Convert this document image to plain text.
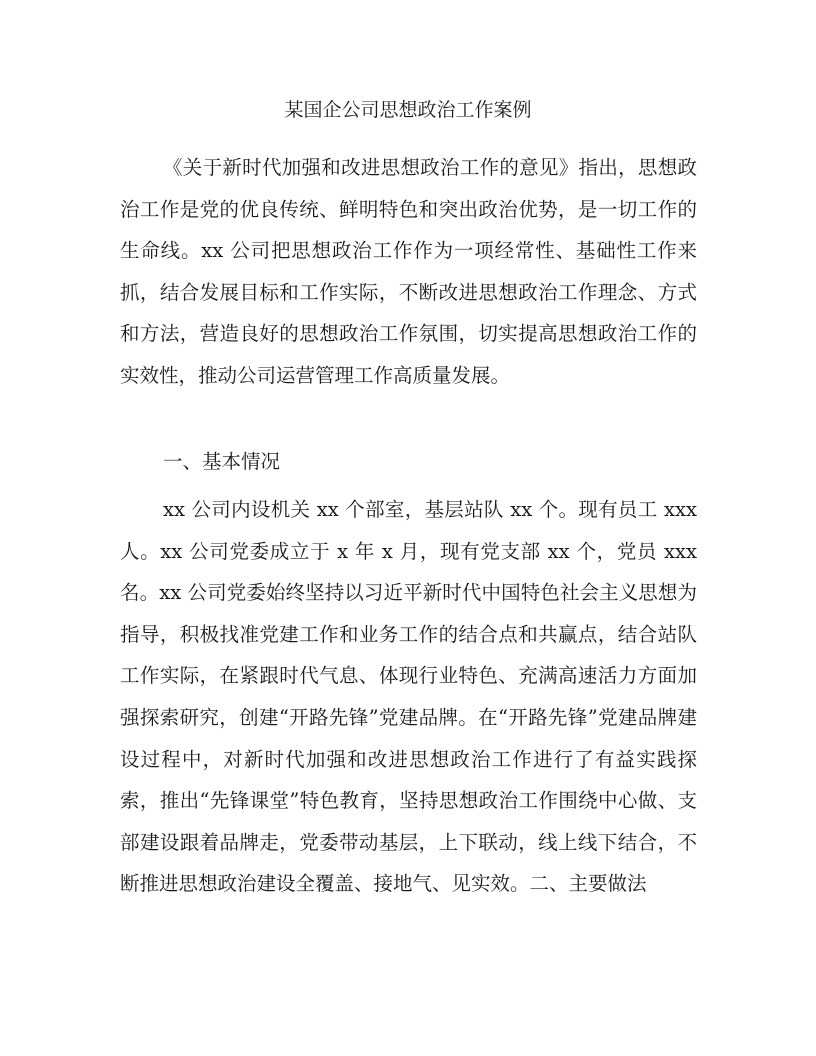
某国企公司思想政治工作案例

《关于新时代加强和改进思想政治工作的意见》指出，思想政治工作是党的优良传统、鲜明特色和突出政治优势，是一切工作的生命线。xx 公司把思想政治工作作为一项经常性、基础性工作来抓，结合发展目标和工作实际，不断改进思想政治工作理念、方式和方法，营造良好的思想政治工作氛围，切实提高思想政治工作的实效性，推动公司运营管理工作高质量发展。

一、基本情况

xx 公司内设机关 xx 个部室，基层站队 xx 个。现有员工 xxx 人。xx 公司党委成立于 x 年 x 月，现有党支部 xx 个，党员 xxx 名。xx 公司党委始终坚持以习近平新时代中国特色社会主义思想为指导，积极找准党建工作和业务工作的结合点和共赢点，结合站队工作实际，在紧跟时代气息、体现行业特色、充满高速活力方面加强探索研究，创建“开路先锋”党建品牌。在“开路先锋”党建品牌建设过程中，对新时代加强和改进思想政治工作进行了有益实践探索，推出“先锋课堂”特色教育，坚持思想政治工作围绕中心做、支部建设跟着品牌走，党委带动基层，上下联动，线上线下结合，不断推进思想政治建设全覆盖、接地气、见实效。二、主要做法
